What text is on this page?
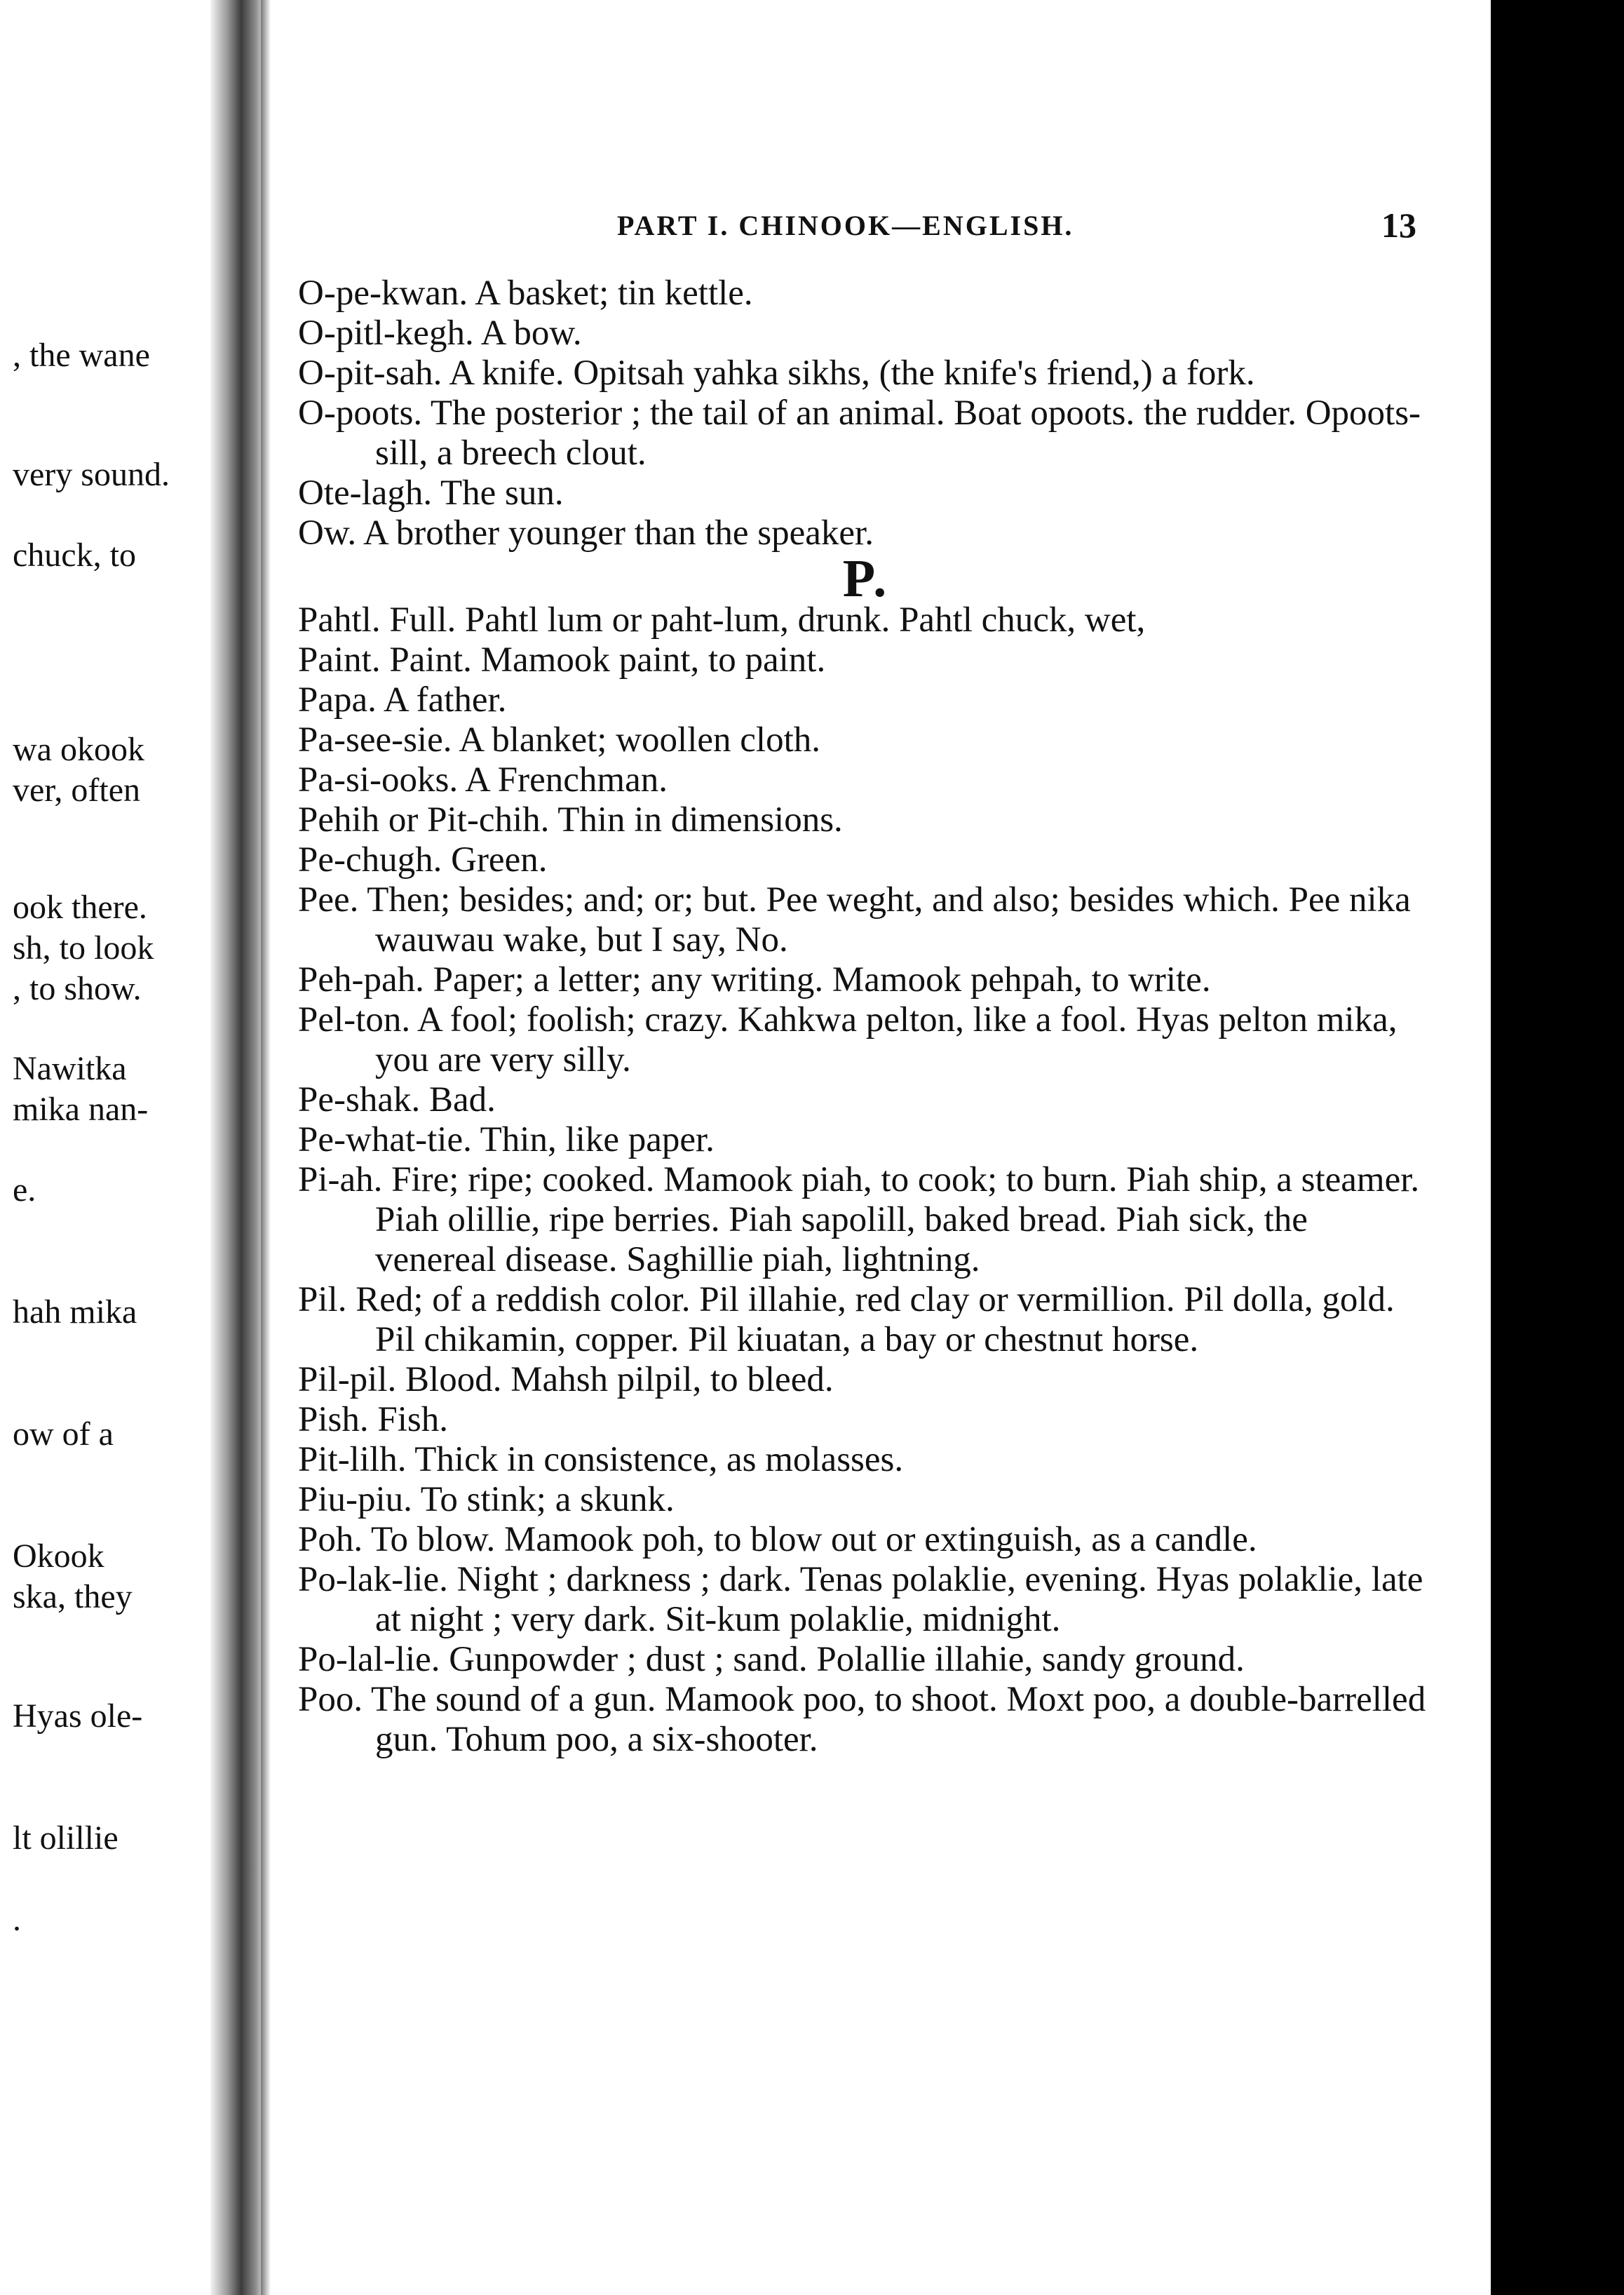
, the wane
very sound.
chuck, to
wa okook
ver, often
ook there.
sh, to look
, to show.
Nawitka
mika nan-
e.
hah mika
ow of a
Okook
ska, they
Hyas ole-
lt olillie
.
PART I. CHINOOK—ENGLISH.	13

O-pe-kwan. A basket; tin kettle.

O-pitl-kegh. A bow.

O-pit-sah. A knife. Opitsah yahka sikhs, (the knife's friend,) a fork.

O-poots. The posterior ; the tail of an animal. Boat opoots. the rudder. Opoots-sill, a breech clout.

Ote-lagh. The sun.

Ow. A brother younger than the speaker.

P.

Pahtl. Full. Pahtl lum or paht-lum, drunk. Pahtl chuck, wet,

Paint. Paint. Mamook paint, to paint.

Papa. A father.

Pa-see-sie. A blanket; woollen cloth.

Pa-si-ooks. A Frenchman.

Pehih or Pit-chih. Thin in dimensions.

Pe-chugh. Green.

Pee. Then; besides; and; or; but. Pee weght, and also; besides which. Pee nika wauwau wake, but I say, No.

Peh-pah. Paper; a letter; any writing. Mamook pehpah, to write.

Pel-ton. A fool; foolish; crazy. Kahkwa pelton, like a fool. Hyas pelton mika, you are very silly.

Pe-shak. Bad.

Pe-what-tie. Thin, like paper.

Pi-ah. Fire; ripe; cooked. Mamook piah, to cook; to burn. Piah ship, a steamer. Piah olillie, ripe berries. Piah sapolill, baked bread. Piah sick, the venereal disease. Saghillie piah, lightning.

Pil. Red; of a reddish color. Pil illahie, red clay or vermillion. Pil dolla, gold. Pil chikamin, copper. Pil kiuatan, a bay or chestnut horse.

Pil-pil. Blood. Mahsh pilpil, to bleed.

Pish. Fish.

Pit-lilh. Thick in consistence, as molasses.

Piu-piu. To stink; a skunk.

Poh. To blow. Mamook poh, to blow out or extinguish, as a candle.

Po-lak-lie. Night ; darkness ; dark. Tenas polaklie, evening. Hyas polaklie, late at night ; very dark. Sit-kum polaklie, midnight.

Po-lal-lie. Gunpowder ; dust ; sand. Polallie illahie, sandy ground.

Poo. The sound of a gun. Mamook poo, to shoot. Moxt poo, a double-barrelled gun. Tohum poo, a six-shooter.
